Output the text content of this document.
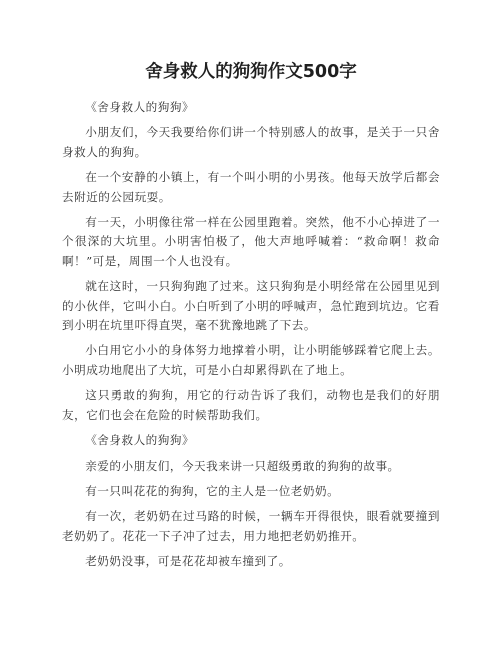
舍身救人的狗狗作文500字

《舍身救人的狗狗》

小朋友们，今天我要给你们讲一个特别感人的故事，是关于一只舍身救人的狗狗。

在一个安静的小镇上，有一个叫小明的小男孩。他每天放学后都会去附近的公园玩耍。

有一天，小明像往常一样在公园里跑着。突然，他不小心掉进了一个很深的大坑里。小明害怕极了，他大声地呼喊着：“救命啊！救命啊！”可是，周围一个人也没有。

就在这时，一只狗狗跑了过来。这只狗狗是小明经常在公园里见到的小伙伴，它叫小白。小白听到了小明的呼喊声，急忙跑到坑边。它看到小明在坑里吓得直哭，毫不犹豫地跳了下去。

小白用它小小的身体努力地撑着小明，让小明能够踩着它爬上去。小明成功地爬出了大坑，可是小白却累得趴在了地上。

这只勇敢的狗狗，用它的行动告诉了我们，动物也是我们的好朋友，它们也会在危险的时候帮助我们。

《舍身救人的狗狗》

亲爱的小朋友们，今天我来讲一只超级勇敢的狗狗的故事。

有一只叫花花的狗狗，它的主人是一位老奶奶。

有一次，老奶奶在过马路的时候，一辆车开得很快，眼看就要撞到老奶奶了。花花一下子冲了过去，用力地把老奶奶推开。

老奶奶没事，可是花花却被车撞到了。
